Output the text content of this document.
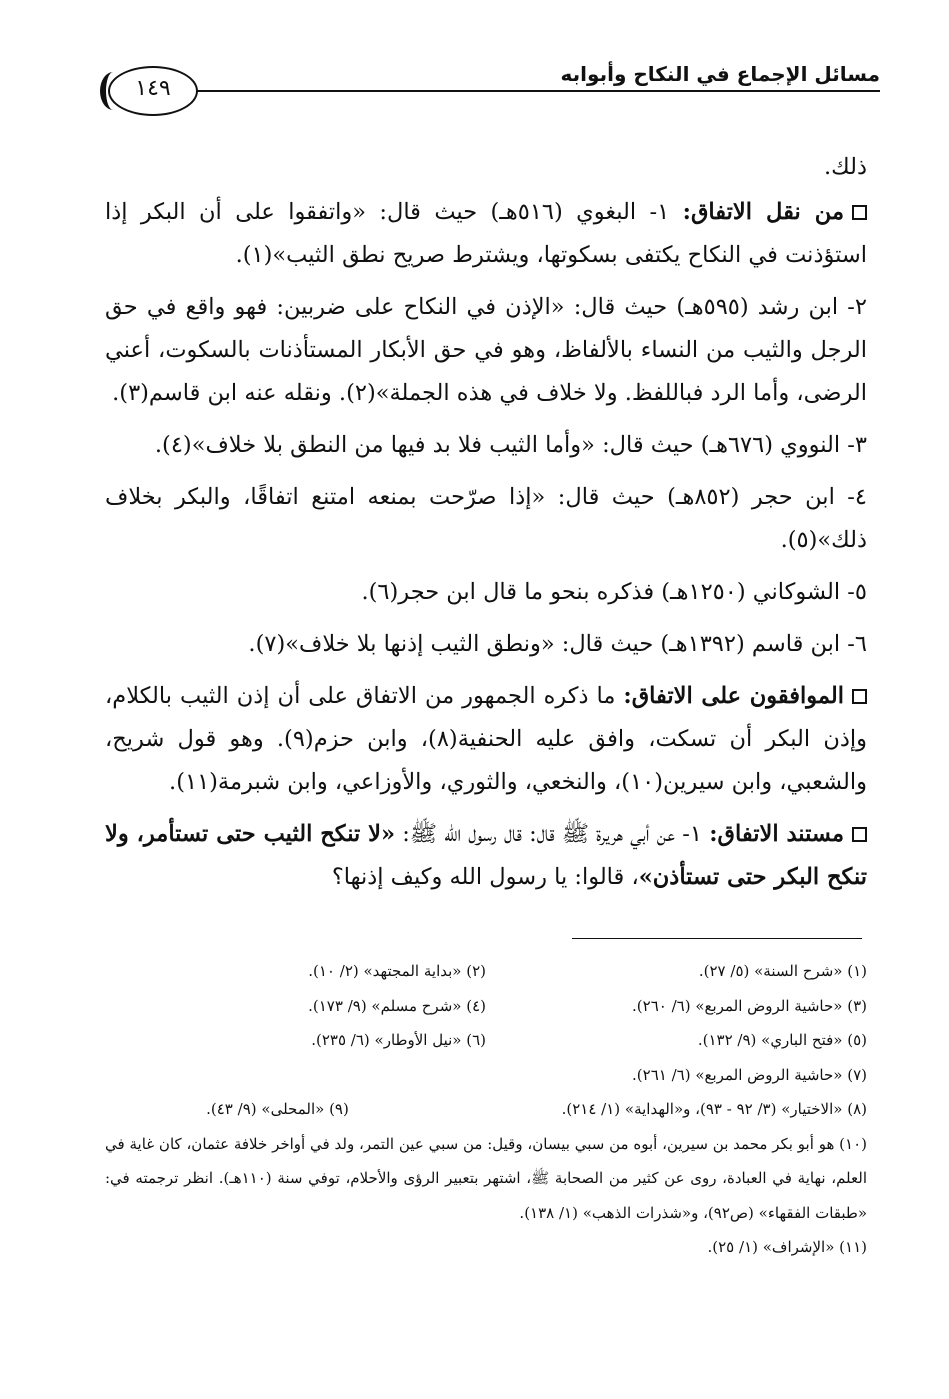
مسائل الإجماع في النكاح وأبوابه
١٤٩

ذلك.

من نقل الاتفاق: ١- البغوي (٥١٦هـ) حيث قال: «واتفقوا على أن البكر إذا استؤذنت في النكاح يكتفى بسكوتها، ويشترط صريح نطق الثيب»(١).

٢- ابن رشد (٥٩٥هـ) حيث قال: «الإذن في النكاح على ضربين: فهو واقع في حق الرجل والثيب من النساء بالألفاظ، وهو في حق الأبكار المستأذنات بالسكوت، أعني الرضى، وأما الرد فباللفظ. ولا خلاف في هذه الجملة»(٢). ونقله عنه ابن قاسم(٣).

٣- النووي (٦٧٦هـ) حيث قال: «وأما الثيب فلا بد فيها من النطق بلا خلاف»(٤).

٤- ابن حجر (٨٥٢هـ) حيث قال: «إذا صرّحت بمنعه امتنع اتفاقًا، والبكر بخلاف ذلك»(٥).

٥- الشوكاني (١٢٥٠هـ) فذكره بنحو ما قال ابن حجر(٦).

٦- ابن قاسم (١٣٩٢هـ) حيث قال: «ونطق الثيب إذنها بلا خلاف»(٧).

الموافقون على الاتفاق: ما ذكره الجمهور من الاتفاق على أن إذن الثيب بالكلام، وإذن البكر أن تسكت، وافق عليه الحنفية(٨)، وابن حزم(٩). وهو قول شريح، والشعبي، وابن سيرين(١٠)، والنخعي، والثوري، والأوزاعي، وابن شبرمة(١١).

مستند الاتفاق: ١- عن أبي هريرة ﷺ قال: قال رسول الله ﷺ: «لا تنكح الثيب حتى تستأمر، ولا تنكح البكر حتى تستأذن»، قالوا: يا رسول الله وكيف إذنها؟

(١) «شرح السنة» (٥/ ٢٧).
(٢) «بداية المجتهد» (٢/ ١٠).
(٣) «حاشية الروض المربع» (٦/ ٢٦٠).
(٤) «شرح مسلم» (٩/ ١٧٣).
(٥) «فتح الباري» (٩/ ١٣٢).
(٦) «نيل الأوطار» (٦/ ٢٣٥).
(٧) «حاشية الروض المربع» (٦/ ٢٦١).
(٨) «الاختيار» (٣/ ٩٢ - ٩٣)، و«الهداية» (١/ ٢١٤).
(٩) «المحلى» (٩/ ٤٣).
(١٠) هو أبو بكر محمد بن سيرين، أبوه من سبي بيسان، وقيل: من سبي عين التمر، ولد في أواخر خلافة عثمان، كان غاية في العلم، نهاية في العبادة، روى عن كثير من الصحابة ﷺ، اشتهر بتعبير الرؤى والأحلام، توفي سنة (١١٠هـ). انظر ترجمته في: «طبقات الفقهاء» (ص٩٢)، و«شذرات الذهب» (١/ ١٣٨).
(١١) «الإشراف» (١/ ٢٥).
